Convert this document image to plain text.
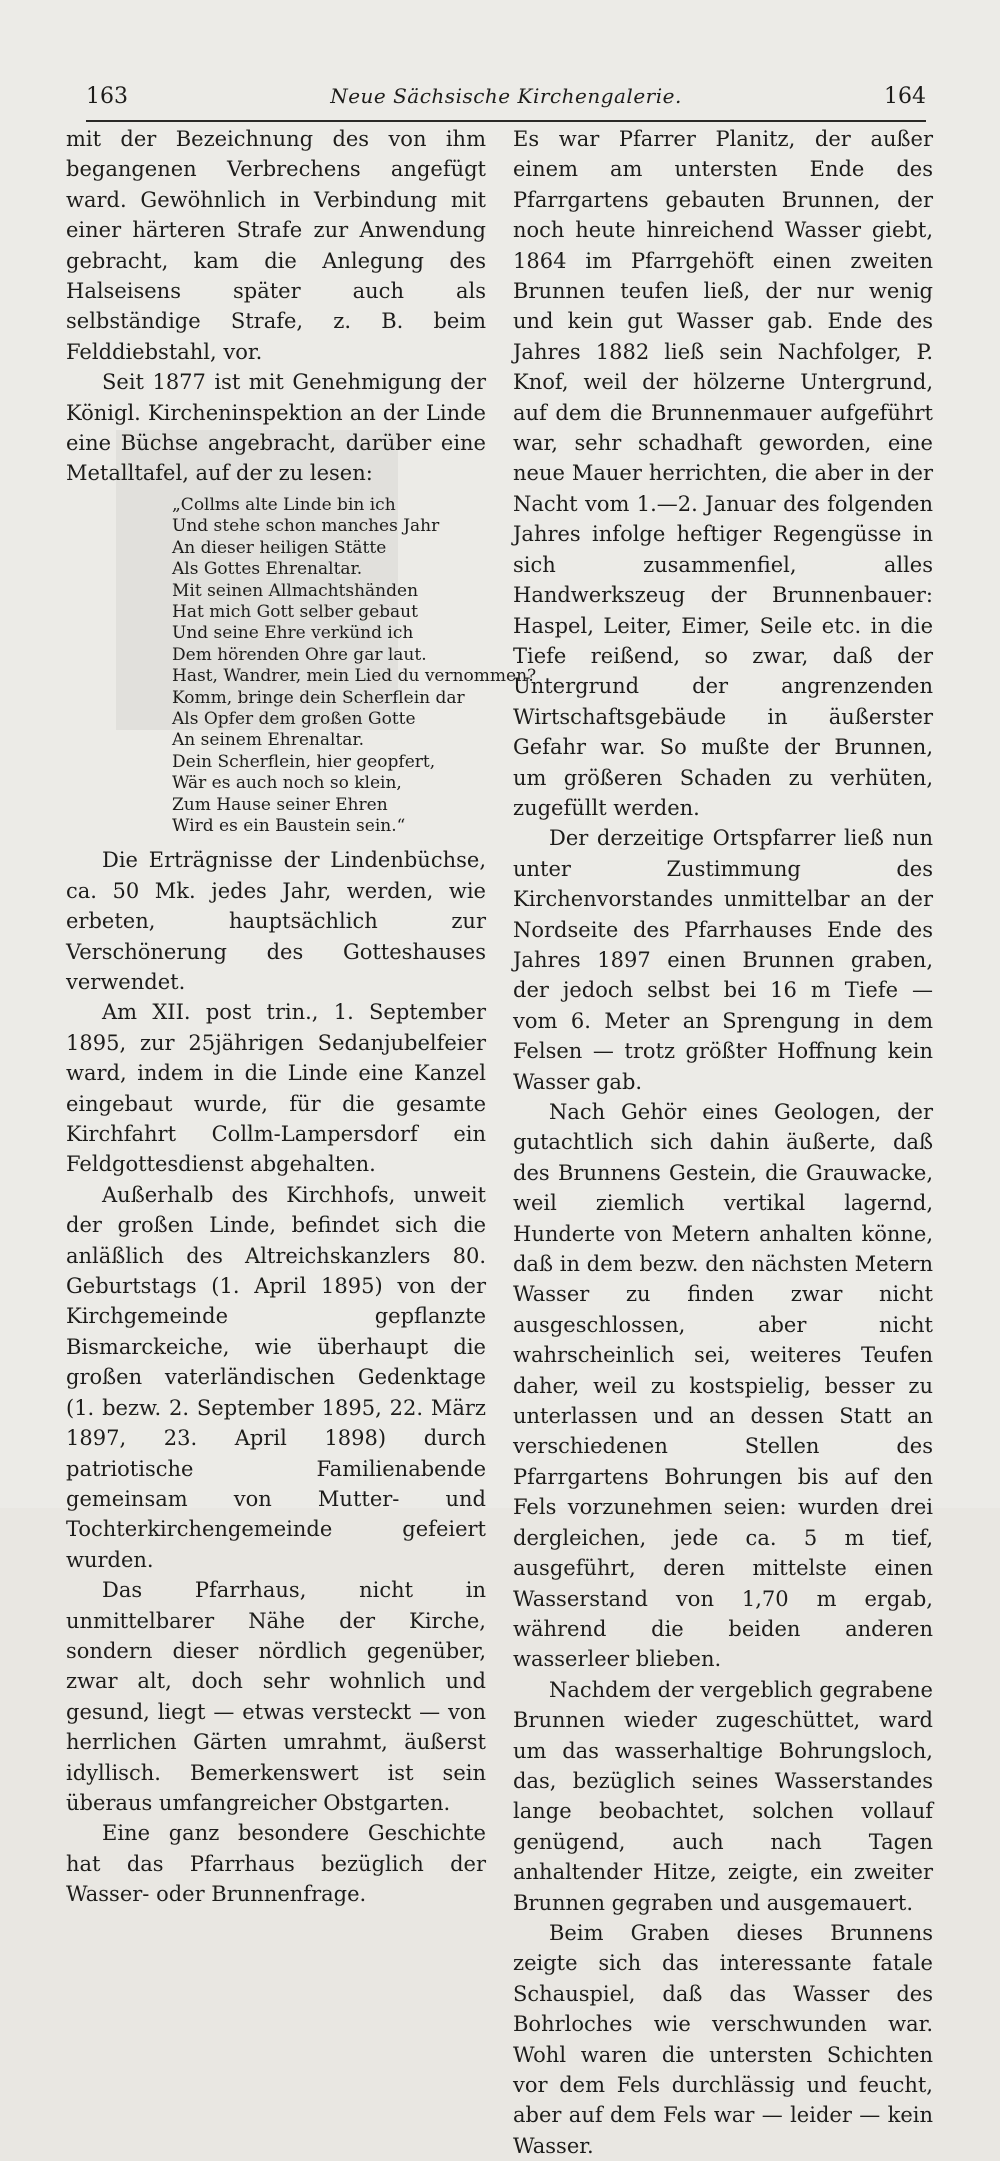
163	Neue Sächsische Kirchengalerie.	164

mit der Bezeichnung des von ihm begangenen Verbrechens angefügt ward. Gewöhnlich in Verbindung mit einer härteren Strafe zur Anwendung gebracht, kam die Anlegung des Halseisens später auch als selbständige Strafe, z. B. beim Felddiebstahl, vor.

Seit 1877 ist mit Genehmigung der Königl. Kircheninspektion an der Linde eine Büchse angebracht, darüber eine Metalltafel, auf der zu lesen:

„Collms alte Linde bin ich
Und stehe schon manches Jahr
An dieser heiligen Stätte
Als Gottes Ehrenaltar.
Mit seinen Allmachtshänden
Hat mich Gott selber gebaut
Und seine Ehre verkünd ich
Dem hörenden Ohre gar laut.
Hast, Wandrer, mein Lied du vernommen?
Komm, bringe dein Scherflein dar
Als Opfer dem großen Gotte
An seinem Ehrenaltar.
Dein Scherflein, hier geopfert,
Wär es auch noch so klein,
Zum Hause seiner Ehren
Wird es ein Baustein sein.“

Die Erträgnisse der Lindenbüchse, ca. 50 Mk. jedes Jahr, werden, wie erbeten, hauptsächlich zur Verschönerung des Gotteshauses verwendet.

Am XII. post trin., 1. September 1895, zur 25jährigen Sedanjubelfeier ward, indem in die Linde eine Kanzel eingebaut wurde, für die gesamte Kirchfahrt Collm-Lampersdorf ein Feldgottesdienst abgehalten.

Außerhalb des Kirchhofs, unweit der großen Linde, befindet sich die anläßlich des Altreichskanzlers 80. Geburtstags (1. April 1895) von der Kirchgemeinde gepflanzte Bismarckeiche, wie überhaupt die großen vaterländischen Gedenktage (1. bezw. 2. September 1895, 22. März 1897, 23. April 1898) durch patriotische Familienabende gemeinsam von Mutter- und Tochterkirchengemeinde gefeiert wurden.

Das Pfarrhaus, nicht in unmittelbarer Nähe der Kirche, sondern dieser nördlich gegenüber, zwar alt, doch sehr wohnlich und gesund, liegt — etwas versteckt — von herrlichen Gärten umrahmt, äußerst idyllisch. Bemerkenswert ist sein überaus umfangreicher Obstgarten.

Eine ganz besondere Geschichte hat das Pfarrhaus bezüglich der Wasser- oder Brunnenfrage.

Es war Pfarrer Planitz, der außer einem am untersten Ende des Pfarrgartens gebauten Brunnen, der noch heute hinreichend Wasser giebt, 1864 im Pfarrgehöft einen zweiten Brunnen teufen ließ, der nur wenig und kein gut Wasser gab. Ende des Jahres 1882 ließ sein Nachfolger, P. Knof, weil der hölzerne Untergrund, auf dem die Brunnenmauer aufgeführt war, sehr schadhaft geworden, eine neue Mauer herrichten, die aber in der Nacht vom 1.—2. Januar des folgenden Jahres infolge heftiger Regengüsse in sich zusammenfiel, alles Handwerkszeug der Brunnenbauer: Haspel, Leiter, Eimer, Seile etc. in die Tiefe reißend, so zwar, daß der Untergrund der angrenzenden Wirtschaftsgebäude in äußerster Gefahr war. So mußte der Brunnen, um größeren Schaden zu verhüten, zugefüllt werden.

Der derzeitige Ortspfarrer ließ nun unter Zustimmung des Kirchenvorstandes unmittelbar an der Nordseite des Pfarrhauses Ende des Jahres 1897 einen Brunnen graben, der jedoch selbst bei 16 m Tiefe — vom 6. Meter an Sprengung in dem Felsen — trotz größter Hoffnung kein Wasser gab.

Nach Gehör eines Geologen, der gutachtlich sich dahin äußerte, daß des Brunnens Gestein, die Grauwacke, weil ziemlich vertikal lagernd, Hunderte von Metern anhalten könne, daß in dem bezw. den nächsten Metern Wasser zu finden zwar nicht ausgeschlossen, aber nicht wahrscheinlich sei, weiteres Teufen daher, weil zu kostspielig, besser zu unterlassen und an dessen Statt an verschiedenen Stellen des Pfarrgartens Bohrungen bis auf den Fels vorzunehmen seien: wurden drei dergleichen, jede ca. 5 m tief, ausgeführt, deren mittelste einen Wasserstand von 1,70 m ergab, während die beiden anderen wasserleer blieben.

Nachdem der vergeblich gegrabene Brunnen wieder zugeschüttet, ward um das wasserhaltige Bohrungsloch, das, bezüglich seines Wasserstandes lange beobachtet, solchen vollauf genügend, auch nach Tagen anhaltender Hitze, zeigte, ein zweiter Brunnen gegraben und ausgemauert.

Beim Graben dieses Brunnens zeigte sich das interessante fatale Schauspiel, daß das Wasser des Bohrloches wie verschwunden war. Wohl waren die untersten Schichten vor dem Fels durchlässig und feucht, aber auf dem Fels war — leider — kein Wasser.
